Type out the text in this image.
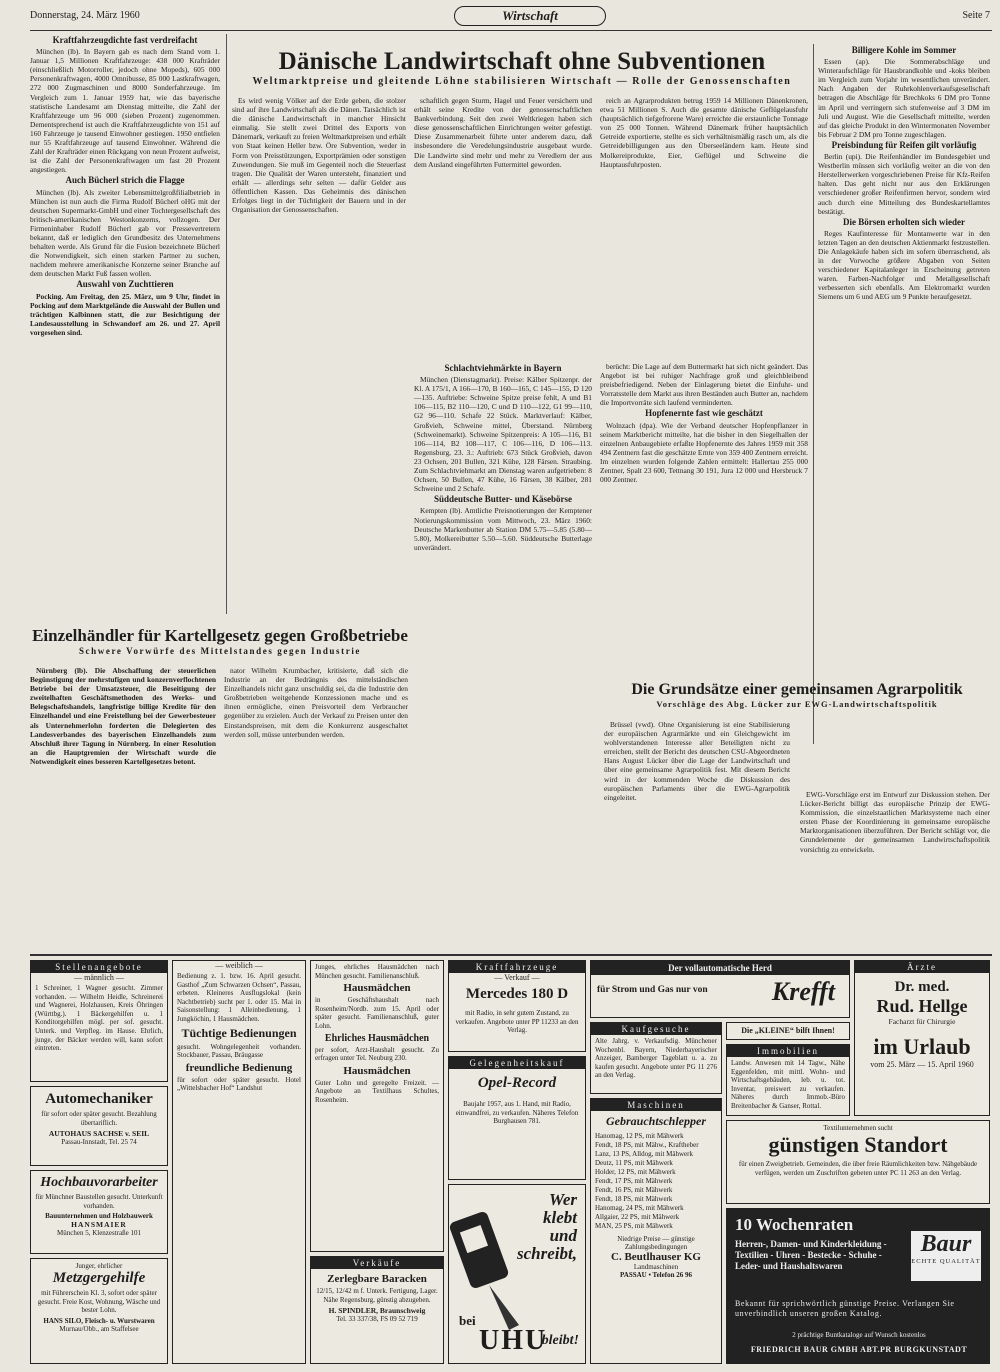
Donnerstag, 24. März 1960	Wirtschaft	Seite 7
Kraftfahrzeugdichte fast verdreifacht

München (lb). In Bayern gab es nach dem Stand vom 1. Januar 1,5 Millionen Kraftfahrzeuge: 438 000 Krafträder (einschließlich Motorroller, jedoch ohne Mopeds), 605 000 Personenkraftwagen, 4000 Omnibusse, 85 000 Lastkraftwagen, 272 000 Zugmaschinen und 8000 Sonderfahrzeuge. Im Vergleich zum 1. Januar 1959 hat, wie das bayerische statistische Landesamt am Dienstag mitteilte, die Zahl der Kraftfahrzeuge um 96 000 (sieben Prozent) zugenommen. Dementsprechend ist auch die Kraftfahrzeugdichte von 151 auf 160 Fahrzeuge je tausend Einwohner gestiegen. 1950 entfielen nur 55 Kraftfahrzeuge auf tausend Einwohner. Während die Zahl der Krafträder einen Rückgang von neun Prozent aufweist, ist die Zahl der Personenkraftwagen um fast 20 Prozent angestiegen.

Auch Bücherl strich die Flagge

München (lb). Als zweiter Lebensmittelgroßfilialbetrieb in München ist nun auch die Firma Rudolf Bücherl oHG mit der deutschen Supermarkt-GmbH und einer Tochtergesellschaft des britisch-amerikanischen Westonkonzerns, vollzogen. Der Firmeninhaber Rudolf Bücherl gab vor Pressevertretern bekannt, daß er lediglich den Grundbesitz des Unternehmens behalten werde. Als Grund für die Fusion bezeichnete Bücherl die Notwendigkeit, sich einen starken Partner zu suchen, nachdem mehrere amerikanische Konzerne seiner Branche auf dem deutschen Markt Fuß fassen wollen.

Auswahl von Zuchttieren

Pocking. Am Freitag, den 25. März, um 9 Uhr, findet in Pocking auf dem Marktgelände die Auswahl der Bullen und trächtigen Kalbinnen statt, die zur Besichtigung der Landesausstellung in Schwandorf am 26. und 27. April vorgesehen sind.

Dänische Landwirtschaft ohne Subventionen
Weltmarktpreise und gleitende Löhne stabilisieren Wirtschaft — Rolle der Genossenschaften

Es wird wenig Völker auf der Erde geben, die stolzer sind auf ihre Landwirtschaft als die Dänen. Tatsächlich ist die dänische Landwirtschaft in mancher Hinsicht einmalig. Sie stellt zwei Drittel des Exports von Dänemark, verkauft zu freien Weltmarktpreisen und erhält von Staat keinen Heller bzw. Öre Subvention, weder in Form von Preisstützungen, Exportprämien oder sonstigen Zuwendungen. Sie muß im Gegenteil noch die Steuerlast tragen. Die Qualität der Waren untersteht, finanziert und erhält — allerdings sehr selten — dafür Gelder aus öffentlichen Kassen. Das Geheimnis des dänischen Erfolges liegt in der Tüchtigkeit der Bauern und in der Organisation der Genossenschaften.

schaftlich gegen Sturm, Hagel und Feuer versichern und erhält seine Kredite von der genossenschaftlichen Bankverbindung. Seit den zwei Weltkriegen haben sich diese genossenschaftlichen Einrichtungen weiter gefestigt. Diese Zusammenarbeit führte unter anderem dazu, daß insbesondere die Veredelungsindustrie ausgebaut wurde. Die Landwirte sind mehr und mehr zu Veredlern der aus dem Ausland eingeführten Futtermittel geworden.

reich an Agrarprodukten betrug 1959 14 Millionen Dänenkronen, etwa 51 Millionen S. Auch die gesamte dänische Geflügelausfuhr (hauptsächlich tiefgefrorene Ware) erreichte die erstaunliche Tonnage von 25 000 Tonnen. Während Dänemark früher hauptsächlich Getreide exportierte, stellte es sich verhältnismäßig rasch um, als die Getreidebilligungen aus den Überseeländern kam. Heute sind Molkereiprodukte, Eier, Geflügel und Schweine die Hauptausfuhrposten.

Schlachtviehmärkte in Bayern

München (Dienstagmarkt). Preise: Kälber Spitzenpr. der Kl. A 175/1, A 166—170, B 160—165, C 145—155, D 120—135. Auftriebe: Schweine Spitze preise fehlt, A und B1 106—115, B2 110—120, C und D 110—122, G1 99—110, G2 96—110. Schafe 22 Stück. Marktverlauf: Kälber, Großvieh, Schweine mittel, Überstand. Nürnberg (Schweinemarkt). Schweine Spitzenpreis: A 105—116, B1 106—114, B2 108—117, C 106—116, D 106—113. Regensburg, 23. 3.: Auftrieb: 673 Stück Großvieh, davon 23 Ochsen, 201 Bullen, 321 Kühe, 128 Färsen. Straubing. Zum Schlachtviehmarkt am Dienstag waren aufgetrieben: 8 Ochsen, 50 Bullen, 47 Kühe, 16 Färsen, 38 Kälber, 281 Schweine und 2 Schafe.

Süddeutsche Butter- und Käsebörse

Kempten (lb). Amtliche Preisnotierungen der Kemptener Notierungskommission vom Mittwoch, 23. März 1960: Deutsche Markenbutter ab Station DM 5.75—5.85 (5.80—5.80), Molkereibutter 5.50—5.60. Süddeutsche Butterlage unverändert.

berücht: Die Lage auf dem Buttermarkt hat sich nicht geändert. Das Angebot ist bei ruhiger Nachfrage groß und gleichbleibend preisbefriedigend. Neben der Einlagerung bietet die Einfuhr- und Vorratsstelle dem Markt aus ihren Beständen auch Butter an, nachdem die Importvorräte sich laufend verminderten.

Hopfenernte fast wie geschätzt

Wolnzach (dpa). Wie der Verband deutscher Hopfenpflanzer in seinem Marktbericht mitteilte, hat die bisher in den Siegelhallen der einzelnen Anbaugebiete erfaßte Hopfenernte des Jahres 1959 mit 358 494 Zentnern fast die geschätzte Ernte von 359 400 Zentnern erreicht. Im einzelnen wurden folgende Zahlen ermittelt: Hallertau 255 000 Zentner, Spalt 23 600, Tettnang 30 191, Jura 12 000 und Hersbruck 7 000 Zentner.

Billigere Kohle im Sommer

Essen (ap). Die Sommerabschläge und Winteraufschläge für Hausbrandkohle und -koks bleiben im Vergleich zum Vorjahr im wesentlichen unverändert. Nach Angaben der Ruhrkohlenverkaufsgesellschaft betragen die Abschläge für Brechkoks 6 DM pro Tonne im April und verringern sich stufenweise auf 3 DM im Juli und August. Wie die Gesellschaft mitteilte, werden auf das gleiche Produkt in den Wintermonaten November bis Februar 2 DM pro Tonne zugeschlagen.

Preisbindung für Reifen gilt vorläufig

Berlin (upi). Die Reifenhändler im Bundesgebiet und Westberlin müssen sich vorläufig weiter an die von den Herstellerwerken vorgeschriebenen Preise für Kfz-Reifen halten. Das geht nicht nur aus den Erklärungen verschiedener großer Reifenfirmen hervor, sondern wird auch durch eine Mitteilung des Bundeskartellamtes bestätigt.

Die Börsen erholten sich wieder

Reges Kaufinteresse für Montanwerte war in den letzten Tagen an den deutschen Aktienmarkt festzustellen. Die Anlagekäufe haben sich im sofern überraschend, als in der Vorwoche größere Abgaben von Seiten verschiedener Kapitalanleger in Erscheinung getreten waren. Farben-Nachfolger und Metallgesellschaft verbesserten sich ebenfalls. Am Elektromarkt wurden Siemens um 6 und AEG um 9 Punkte heraufgesetzt.

Einzelhändler für Kartellgesetz gegen Großbetriebe
Schwere Vorwürfe des Mittelstandes gegen Industrie

Nürnberg (lb). Die Abschaffung der steuerlichen Begünstigung der mehrstufigen und konzernverflochtenen Betriebe bei der Umsatzsteuer, die Beseitigung der zweitelhaften Geschäftsmethoden des Werks- und Belegschaftshandels, langfristige billige Kredite für den Einzelhandel und eine Freistellung bei der Gewerbesteuer als Unternehmerlohn forderten die Delegierten des Landesverbandes des bayerischen Einzelhandels zum Abschluß ihrer Tagung in Nürnberg. In einer Resolution an die Hauptgremien der Wirtschaft wurde die Notwendigkeit eines besseren Kartellgesetzes betont.

nator Wilhelm Krumbacher, kritisierte, daß sich die Industrie an der Bedrängnis des mittelständischen Einzelhandels nicht ganz unschuldig sei, da die Industrie den Großbetrieben weitgehende Konzessionen mache und es ihnen ermögliche, einen Preisvorteil dem Verbraucher gegenüber zu erzielen. Auch der Verkauf zu Preisen unter den Einstandspreisen, mit dem die Konkurrenz ausgeschaltet werden soll, müsse unterbunden werden.

Die Grundsätze einer gemeinsamen Agrarpolitik
Vorschläge des Abg. Lücker zur EWG-Landwirtschaftspolitik

Brüssel (vwd). Ohne Organisierung ist eine Stabilisierung der europäischen Agrarmärkte und ein Gleichgewicht im wohlverstandenen Interesse aller Beteiligten nicht zu erreichen, stellt der Bericht des deutschen CSU-Abgeordneten Hans August Lücker über die Lage der Landwirtschaft und über eine gemeinsame Agrarpolitik fest. Mit diesem Bericht wird in der kommenden Woche die Diskussion des europäischen Parlaments über die EWG-Agrarpolitik eingeleitet.	EWG-Vorschläge erst im Entwurf zur Diskussion stehen. Der Lücker-Bericht billigt das europäische Prinzip der EWG-Kommission, die einzelstaatlichen Marktsysteme nach einer ersten Phase der Koordinierung in gemeinsame europäische Marktorganisationen überzuführen. Der Bericht schlägt vor, die Grundelemente der gemeinsamen Landwirtschaftspolitik vorsichtig zu entwickeln.

Stellenangebote
— männlich —
1 Schreiner, 1 Wagner gesucht. Zimmer vorhanden. — Wilhelm Heidle, Schreinerei und Wagnerei, Holzhausen, Kreis Öhringen (Württbg.). 1 Bäckergehilfen u. 1 Konditorgehilfen mögl. per sof. gesucht. Unterk. und Verpfleg. im Hause. Ehrlich, junge, der Bäcker werden will, kann sofort eintreten.
Automechaniker
für sofort oder später gesucht. Bezahlung übertariflich.
AUTOHAUS SACHSE v. SEIL
Passau-Innstadt, Tel. 25 74
Hochbauvorarbeiter
für Münchner Baustellen gesucht. Unterkunft vorhanden.
Bauunternehmen und Holzbauwerk
HANSMAIER
München 5, Klenzestraße 101
Junger, ehrlicher
Metzgergehilfe
mit Führerschein Kl. 3, sofort oder später gesucht. Freie Kost, Wohnung, Wäsche und bester Lohn.
HANS SILO, Fleisch- u. Wurstwaren
Murnau/Obb., am Staffelsee
— weiblich —
Bedienung z. 1. bzw. 16. April gesucht. Gasthof „Zum Schwarzen Ochsen“, Passau, erbeten. Kleineres Ausflugslokal (kein Nachtbetrieb) sucht per 1. oder 15. Mai in Saisonstellung: 1 Alleinbedienung, 1 Jungköchin, 1 Hausmädchen.
Tüchtige Bedienungen
gesucht. Wohngelegenheit vorhanden. Stockbauer, Passau, Bräugasse
freundliche Bedienung
für sofort oder später gesucht. Hotel „Wittelsbacher Hof“ Landshut
Junges, ehrliches Hausmädchen nach München gesucht. Familienanschluß.
Hausmädchen
in Geschäftshaushalt nach Rosenheim/Nordb. zum 15. April oder später gesucht. Familienanschluß, guter Lohn.
Ehrliches Hausmädchen
per sofort, Arzt-Haushalt gesucht. Zu erfragen unter Tel. Neuburg 230.
Hausmädchen
Guter Lohn und geregelte Freizeit. — Angebote an Textilhaus Schultes, Rosenheim.
Verkäufe
Zerlegbare Baracken
12/15, 12/42 m f. Unterk. Fertigung, Lager. Nähe Regensburg, günstig abzugeben.
H. SPINDLER, Braunschweig
Tel. 33 337/38, FS 09 52 719
Kraftfahrzeuge
— Verkauf —
Mercedes 180 D
mit Radio, in sehr gutem Zustand, zu verkaufen. Angebote unter PP 11233 an den Verlag.
Gelegenheitskauf
Opel-Record
Baujahr 1957, aus 1. Hand, mit Radio, einwandfrei, zu verkaufen. Näheres Telefon Burghausen 781.
Wer
klebt
und
schreibt,
bei
UHU
bleibt!
Der vollautomatische Herd
für Strom und Gas nur von Krefft
Kaufgesuche
Alte Jahrg. v. Verkaufsdig. Münchener Wochenbl. Bayern, Niederbayerischer Anzeiger, Bamberger Tageblatt u. a. zu kaufen gesucht. Angebote unter PG 11 276 an den Verlag.
Die „KLEINE“ bilft Ihnen!
Maschinen
Gebrauchtschlepper
Hanomag, 12 PS, mit Mähwerk
Fendt, 18 PS, mit Mähw., Kraftheber
Lanz, 13 PS, Alldog, mit Mähwerk
Deutz, 11 PS, mit Mähwerk
Holder, 12 PS, mit Mähwerk
Fendt, 17 PS, mit Mähwerk
Fendt, 16 PS, mit Mähwerk
Fendt, 18 PS, mit Mähwerk
Hanomag, 24 PS, mit Mähwerk
Allgaier, 22 PS, mit Mähwerk
MAN, 25 PS, mit Mähwerk
Niedrige Preise — günstige Zahlungsbedingungen
C. Beutlhauser KG
Landmaschinen
PASSAU • Telefon 26 96
Immobilien
Landw. Anwesen mit 14 Tagw., Nähe Eggenfelden, mit mittl. Wohn- und Wirtschaftsgebäuden, leb. u. tot. Inventar, preiswert zu verkaufen. Näheres durch Immob.-Büro Breitenbacher & Ganser, Rottal.
Ärzte
Dr. med.
Rud. Hellge
Facharzt für Chirurgie
im Urlaub
vom 25. März — 15. April 1960
Textilunternehmen sucht
günstigen Standort
für einen Zweigbetrieb. Gemeinden, die über freie Räumlichkeiten bzw. Nähgebäude verfügen, werden um Zuschriften gebeten unter PC 11 263 an den Verlag.
10 Wochenraten
Herren-, Damen- und Kinderkleidung - Textilien - Uhren - Bestecke - Schuhe - Leder- und Haushaltswaren
Baur
ECHTE QUALITÄT
Bekannt für sprichwörtlich günstige Preise. Verlangen Sie unverbindlich unseren großen Katalog.
2 prächtige Buntkataloge auf Wunsch kostenlos
FRIEDRICH BAUR GMBH ABT.PR BURGKUNSTADT
